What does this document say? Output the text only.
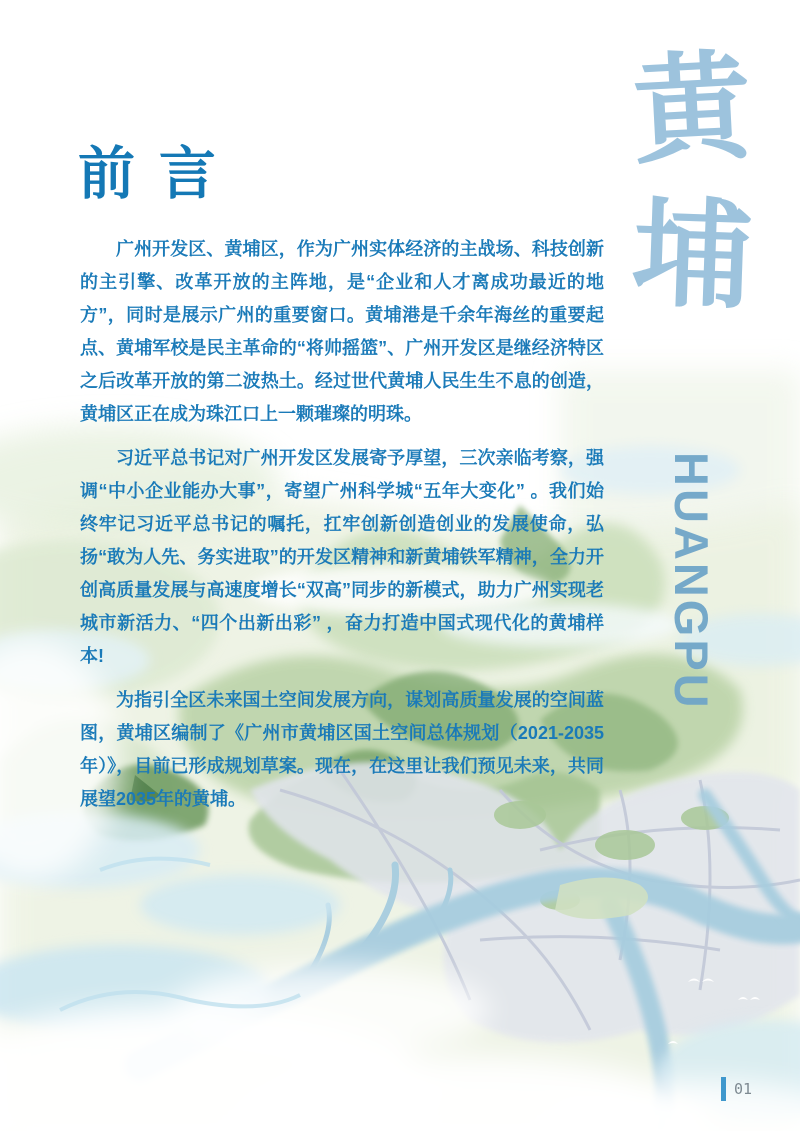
前 言

广州开发区、黄埔区，作为广州实体经济的主战场、科技创新的主引擎、改革开放的主阵地，是“企业和人才离成功最近的地方”，同时是展示广州的重要窗口。黄埔港是千余年海丝的重要起点、黄埔军校是民主革命的“将帅摇篮”、广州开发区是继经济特区之后改革开放的第二波热土。经过世代黄埔人民生生不息的创造，黄埔区正在成为珠江口上一颗璀璨的明珠。

习近平总书记对广州开发区发展寄予厚望，三次亲临考察，强调“中小企业能办大事”，寄望广州科学城“五年大变化” 。我们始终牢记习近平总书记的嘱托，扛牢创新创造创业的发展使命，弘扬“敢为人先、务实进取”的开发区精神和新黄埔铁军精神，全力开创高质量发展与高速度增长“双高”同步的新模式，助力广州实现老城市新活力、“四个出新出彩” ，奋力打造中国式现代化的黄埔样本!

为指引全区未来国土空间发展方向，谋划高质量发展的空间蓝图，黄埔区编制了《广州市黄埔区国土空间总体规划（2021-2035年）》，目前已形成规划草案。现在，在这里让我们预见未来，共同展望2035年的黄埔。

黄
埔
HUANGPU
01
